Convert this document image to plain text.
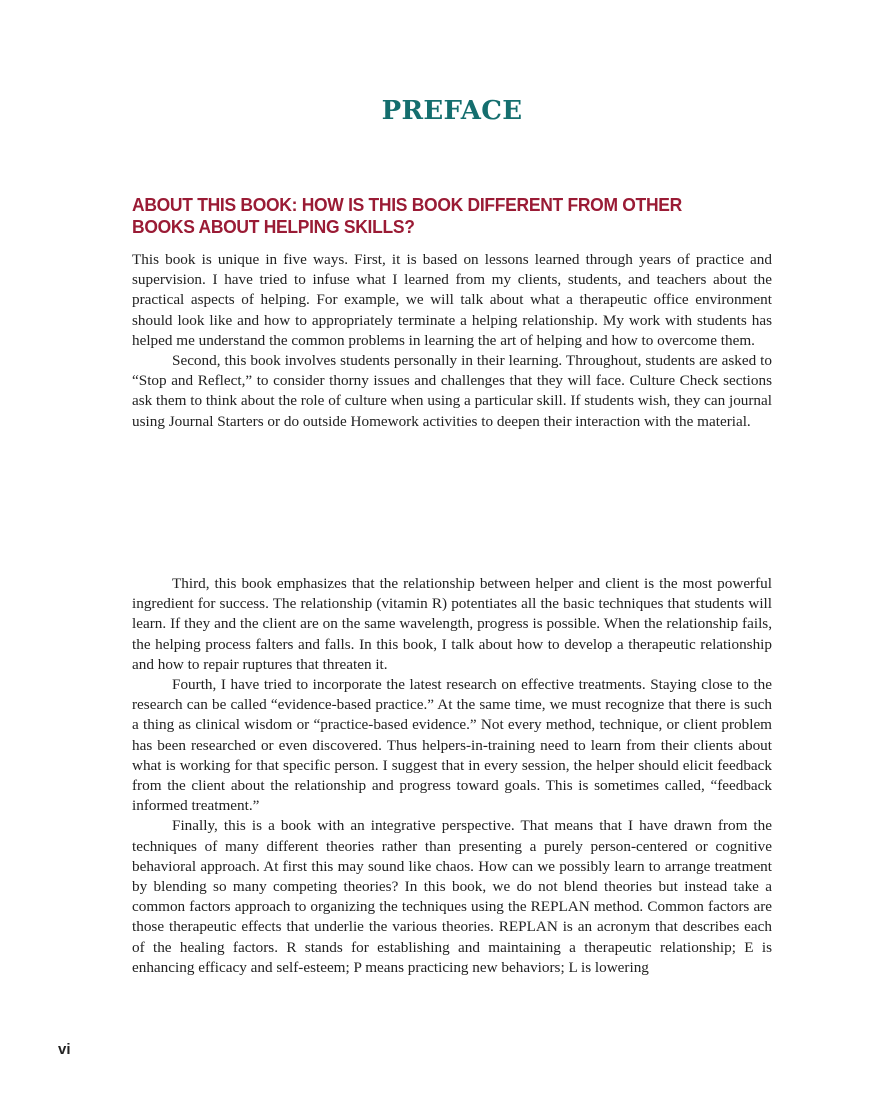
PREFACE
ABOUT THIS BOOK: HOW IS THIS BOOK DIFFERENT FROM OTHER
BOOKS ABOUT HELPING SKILLS?

This book is unique in five ways. First, it is based on lessons learned through years of practice and supervision. I have tried to infuse what I learned from my clients, students, and teachers about the practical aspects of helping. For example, we will talk about what a therapeutic office environment should look like and how to appropriately terminate a helping relationship. My work with students has helped me understand the common problems in learning the art of helping and how to overcome them.

Second, this book involves students personally in their learning. Throughout, students are asked to “Stop and Reflect,” to consider thorny issues and challenges that they will face. Culture Check sections ask them to think about the role of culture when using a particular skill. If students wish, they can journal using Journal Starters or do outside Homework activities to deepen their interaction with the material.

Third, this book emphasizes that the relationship between helper and client is the most powerful ingredient for success. The relationship (vitamin R) potentiates all the basic techniques that students will learn. If they and the client are on the same wavelength, progress is possible. When the relationship fails, the helping process falters and falls. In this book, I talk about how to develop a therapeutic relationship and how to repair ruptures that threaten it.

Fourth, I have tried to incorporate the latest research on effective treatments. Staying close to the research can be called “evidence-based practice.” At the same time, we must recognize that there is such a thing as clinical wisdom or “practice-based evidence.” Not every method, technique, or client problem has been researched or even discovered. Thus helpers-in-training need to learn from their clients about what is working for that specific person. I suggest that in every session, the helper should elicit feedback from the client about the relationship and progress toward goals. This is sometimes called, “feedback informed treatment.”

Finally, this is a book with an integrative perspective. That means that I have drawn from the techniques of many different theories rather than presenting a purely person-centered or cognitive behavioral approach. At first this may sound like chaos. How can we possibly learn to arrange treatment by blending so many competing theories? In this book, we do not blend theories but instead take a common factors approach to organizing the techniques using the REPLAN method. Common factors are those therapeutic effects that underlie the various theories. REPLAN is an acronym that describes each of the healing factors. R stands for establishing and maintaining a therapeutic relationship; E is enhancing efficacy and self-esteem; P means practicing new behaviors; L is lowering

vi
